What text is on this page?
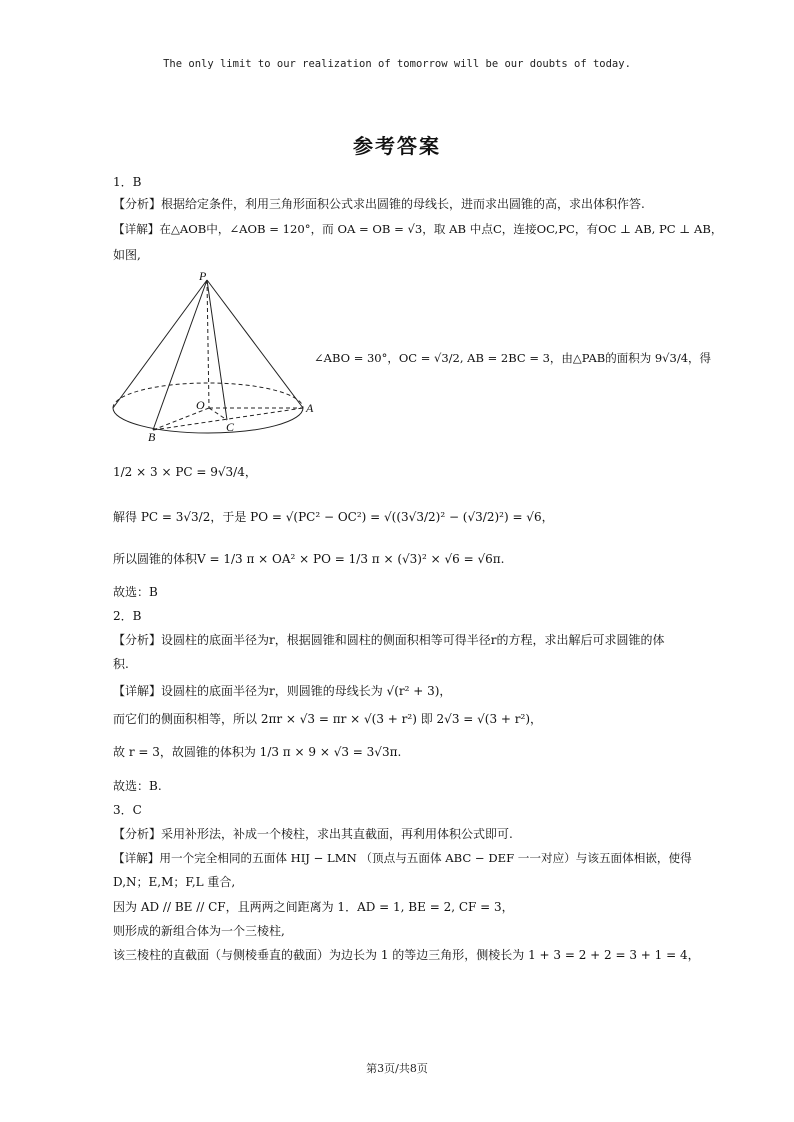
The only limit to our realization of tomorrow will be our doubts of today.
参考答案
1．B
【分析】根据给定条件，利用三角形面积公式求出圆锥的母线长，进而求出圆锥的高，求出体积作答.
【详解】在△AOB中，∠AOB = 120°，而 OA = OB = √3，取 AB 中点C，连接OC,PC，有OC ⊥ AB, PC ⊥ AB，
如图,
P
O	A
B
C
∠ABO = 30°，OC = √3/2, AB = 2BC = 3，由△PAB的面积为 9√3/4，得
1/2 × 3 × PC = 9√3/4，
解得 PC = 3√3/2，于是 PO = √(PC² − OC²) = √((3√3/2)² − (√3/2)²) = √6，
所以圆锥的体积V = 1/3 π × OA² × PO = 1/3 π × (√3)² × √6 = √6π.
故选：B
2．B
【分析】设圆柱的底面半径为r，根据圆锥和圆柱的侧面积相等可得半径r的方程，求出解后可求圆锥的体
积.
【详解】设圆柱的底面半径为r，则圆锥的母线长为 √(r² + 3)，
而它们的侧面积相等，所以 2πr × √3 = πr × √(3 + r²) 即 2√3 = √(3 + r²)，
故 r = 3，故圆锥的体积为 1/3 π × 9 × √3 = 3√3π.
故选：B.
3．C
【分析】采用补形法，补成一个棱柱，求出其直截面，再利用体积公式即可.
【详解】用一个完全相同的五面体 HIJ − LMN （顶点与五面体 ABC − DEF 一一对应）与该五面体相嵌，使得
D,N；E,M；F,L 重合,
因为 AD // BE // CF，且两两之间距离为 1．AD = 1, BE = 2, CF = 3，
则形成的新组合体为一个三棱柱,
该三棱柱的直截面（与侧棱垂直的截面）为边长为 1 的等边三角形，侧棱长为 1 + 3 = 2 + 2 = 3 + 1 = 4，
第3页/共8页
